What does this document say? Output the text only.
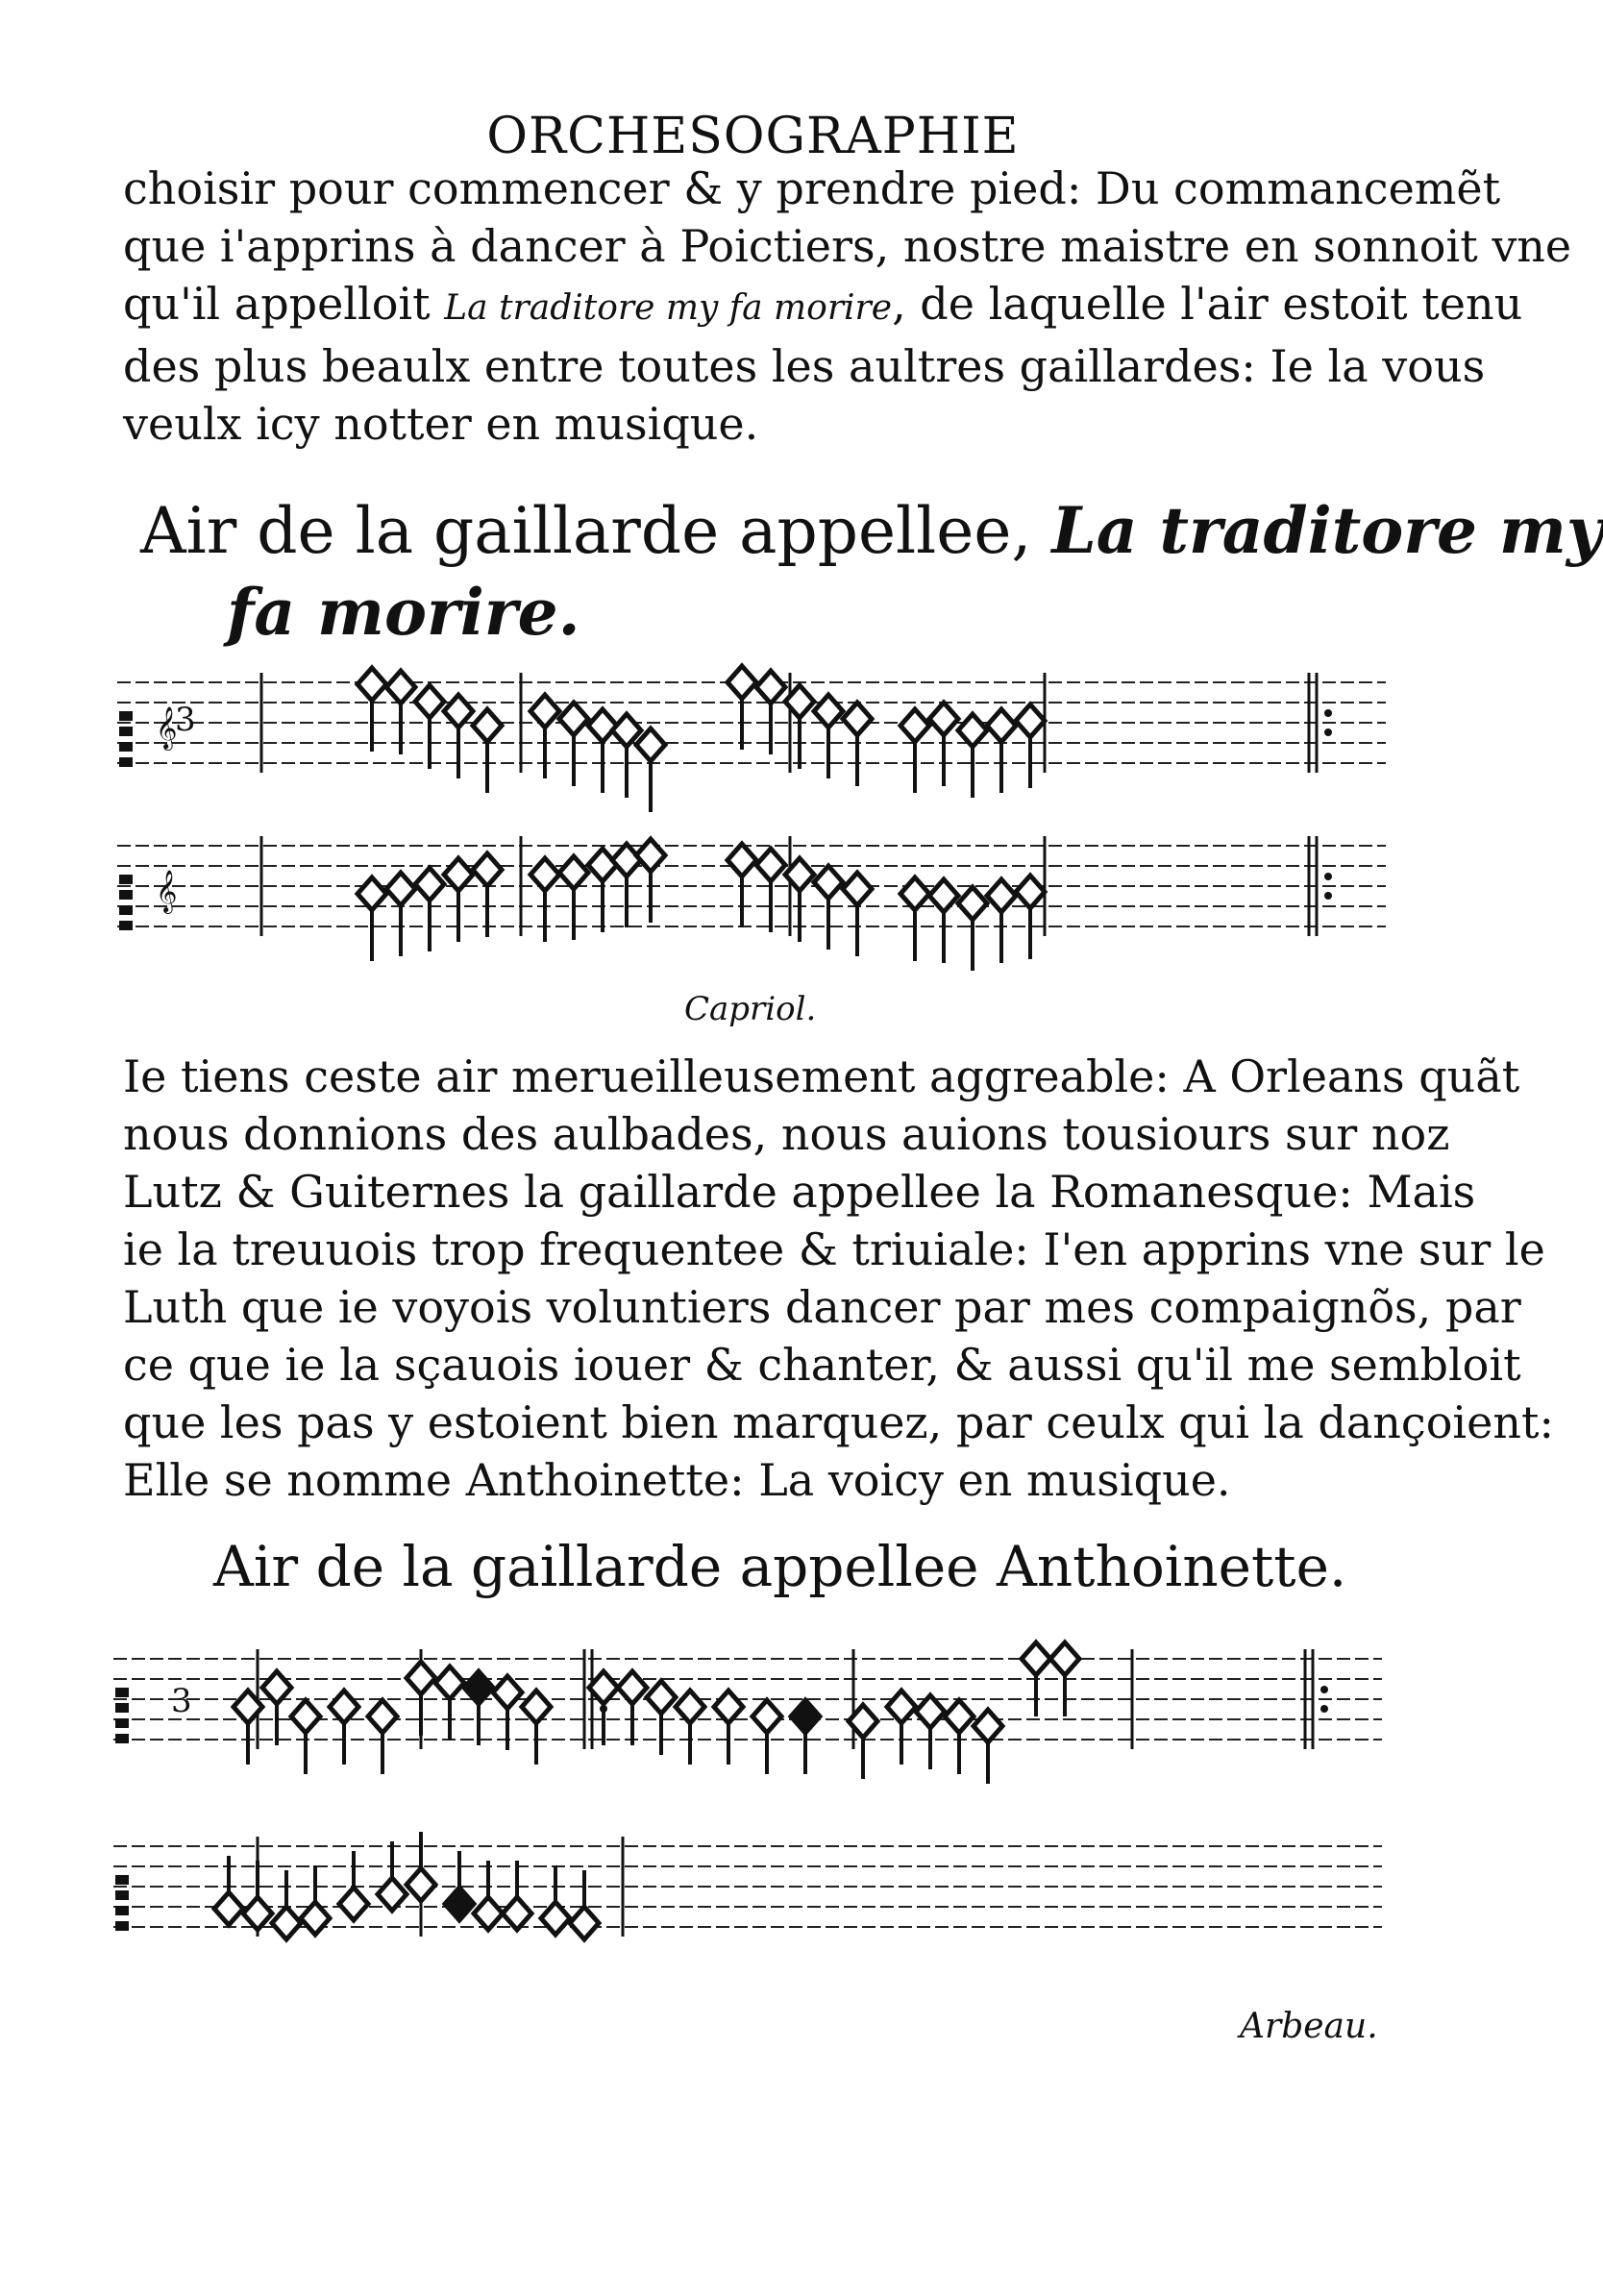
ORCHESOGRAPHIE

choisir pour commencer & y prendre pied: Du commancemẽt

que i'apprins à dancer à Poictiers, nostre maistre en sonnoit vne

qu'il appelloit La traditore my fa morire, de laquelle l'air estoit tenu

des plus beaulx entre toutes les aultres gaillardes: Ie la vous

veulx icy notter en musique.

Air de la gaillarde appellee, La traditore my
fa morire.
𝄞
3
𝄞
Capriol.

Ie tiens ceste air merueilleusement aggreable: A Orleans quãt

nous donnions des aulbades, nous auions tousiours sur noz

Lutz & Guiternes la gaillarde appellee la Romanesque: Mais

ie la treuuois trop frequentee & triuiale: I'en apprins vne sur le

Luth que ie voyois voluntiers dancer par mes compaignõs, par

ce que ie la sçauois iouer & chanter, & aussi qu'il me sembloit

que les pas y estoient bien marquez, par ceulx qui la dançoient:

Elle se nomme Anthoinette: La voicy en musique.

Air de la gaillarde appellee Anthoinette.
3
Arbeau.
